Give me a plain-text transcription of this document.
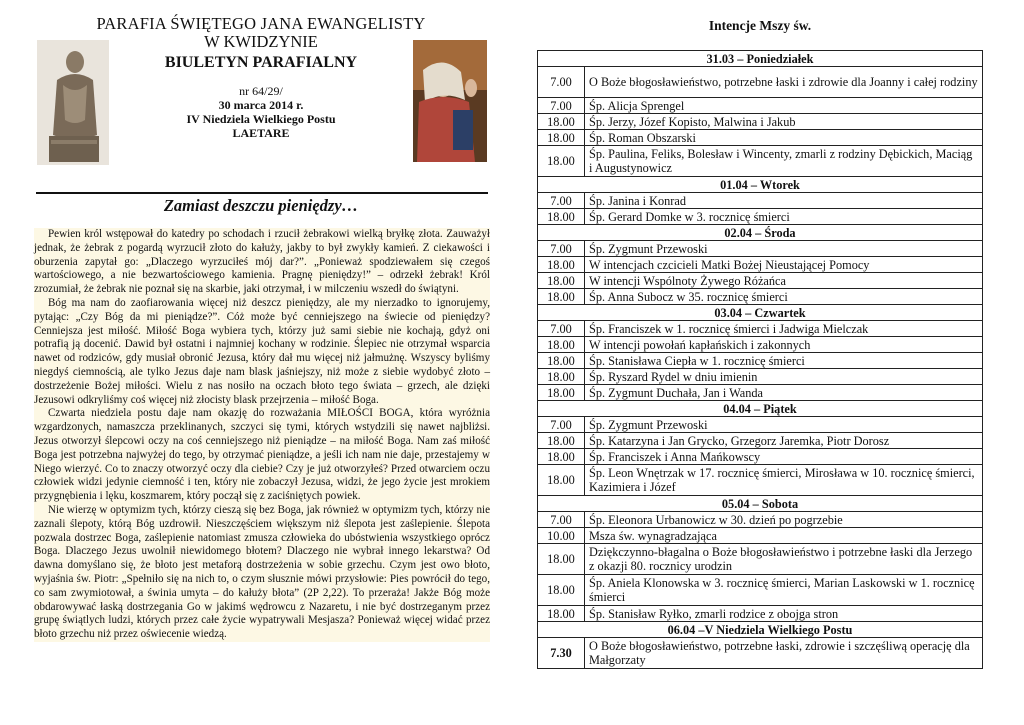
PARAFIA ŚWIĘTEGO JANA EWANGELISTY
W KWIDZYNIE
BIULETYN PARAFIALNY
nr 64/29/
30 marca 2014 r.
IV Niedziela Wielkiego Postu
LAETARE
Zamiast deszczu pieniędzy…

Pewien król wstępował do katedry po schodach i rzucił żebrakowi wielką bryłkę złota. Zauważył jednak, że żebrak z pogardą wyrzucił złoto do kałuży, jakby to był zwykły kamień. Z ciekawości i oburzenia zapytał go: „Dlaczego wyrzuciłeś mój dar?”. „Ponieważ spodziewałem się czegoś wartościowego, a nie bezwartościowego kamienia. Pragnę pieniędzy!” – odrzekł żebrak! Król zrozumiał, że żebrak nie poznał się na skarbie, jaki otrzymał, i w milczeniu wszedł do świątyni.

Bóg ma nam do zaofiarowania więcej niż deszcz pieniędzy, ale my nierzadko to ignorujemy, pytając: „Czy Bóg da mi pieniądze?”. Cóż może być cenniejszego na świecie od pieniędzy? Cenniejsza jest miłość. Miłość Boga wybiera tych, którzy już sami siebie nie kochają, gdyż oni potrafią ją docenić. Dawid był ostatni i najmniej kochany w rodzinie. Ślepiec nie otrzymał wsparcia nawet od rodziców, gdy musiał obronić Jezusa, który dał mu więcej niż jałmużnę. Wszyscy byliśmy niegdyś ciemnością, ale tylko Jezus daje nam blask jaśniejszy, niż może z siebie wydobyć złoto – dostrzeżenie Bożej miłości. Wielu z nas nosiło na oczach błoto tego świata – grzech, ale dzięki Jezusowi odkryliśmy coś więcej niż złocisty blask przejrzenia – miłość Boga.

Czwarta niedziela postu daje nam okazję do rozważania MIŁOŚCI BOGA, która wyróżnia wzgardzonych, namaszcza przeklinanych, szczyci się tymi, których wstydzili się nawet najbliżsi. Jezus otworzył ślepcowi oczy na coś cenniejszego niż pieniądze – na miłość Boga. Nam zaś miłość Boga jest potrzebna najwyżej do tego, by otrzymać pieniądze, a jeśli ich nam nie daje, przestajemy w Niego wierzyć. Co to znaczy otworzyć oczy dla ciebie? Czy je już otworzyłeś? Przed otwarciem oczu człowiek widzi jedynie ciemność i ten, który nie zobaczył Jezusa, widzi, że jego życie jest mrokiem przygnębienia i lęku, koszmarem, który począł się z zaciśniętych powiek.

Nie wierzę w optymizm tych, którzy cieszą się bez Boga, jak również w optymizm tych, którzy nie zaznali ślepoty, którą Bóg uzdrowił. Nieszczęściem większym niż ślepota jest zaślepienie. Ślepota pozwala dostrzec Boga, zaślepienie natomiast zmusza człowieka do ubóstwienia wszystkiego oprócz Boga. Dlaczego Jezus uwolnił niewidomego błotem? Dlaczego nie wybrał innego lekarstwa? Od dawna domyślano się, że błoto jest metaforą dostrzeżenia w sobie grzechu. Czym jest owo błoto, wyjaśnia św. Piotr: „Spełniło się na nich to, o czym słusznie mówi przysłowie: Pies powrócił do tego, co sam zwymiotował, a świnia umyta – do kałuży błota” (2P 2,22). To przeraża! Jakże Bóg może obdarowywać łaską dostrzegania Go w jakimś wędrowcu z Nazaretu, i nie być dostrzeganym przez grupę świątlych ludzi, których przez całe życie wypatrywali Mesjasza? Ponieważ więcej widać przez błoto grzechu niż przez oświecenie wiedzą.

Intencje Mszy św.
31.03 – Poniedziałek	
7.00	O Boże błogosławieństwo, potrzebne łaski i zdrowie dla Joanny i całej rodziny
7.00	Śp. Alicja Sprengel
18.00	Śp. Jerzy, Józef Kopisto, Malwina i Jakub
18.00	Śp. Roman Obszarski
18.00	Śp. Paulina, Feliks, Bolesław i Wincenty, zmarli z rodziny Dębickich, Maciąg i Augustynowicz
01.04 – Wtorek	
7.00	Śp. Janina i Konrad
18.00	Śp. Gerard Domke w 3. rocznicę śmierci
02.04 – Środa	
7.00	Śp. Zygmunt Przewoski
18.00	W intencjach czcicieli Matki Bożej Nieustającej Pomocy
18.00	W intencji Wspólnoty Żywego Różańca
18.00	Śp. Anna Subocz w 35. rocznicę śmierci
03.04 – Czwartek	
7.00	Śp. Franciszek w 1. rocznicę śmierci i Jadwiga Mielczak
18.00	W intencji powołań kapłańskich i zakonnych
18.00	Śp. Stanisława Ciepła w 1. rocznicę śmierci
18.00	Śp. Ryszard Rydel w dniu imienin
18.00	Śp. Zygmunt Duchała, Jan i Wanda
04.04 – Piątek	
7.00	Śp. Zygmunt Przewoski
18.00	Śp. Katarzyna i Jan Grycko, Grzegorz Jaremka, Piotr Dorosz
18.00	Śp. Franciszek i Anna Mańkowscy
18.00	Śp. Leon Wnętrzak w 17. rocznicę śmierci, Mirosława w 10. rocznicę śmierci, Kazimiera i Józef
05.04 – Sobota	
7.00	Śp. Eleonora Urbanowicz w 30. dzień po pogrzebie
10.00	Msza św. wynagradzająca
18.00	Dziękczynno-błagalna o Boże błogosławieństwo i potrzebne łaski dla Jerzego z okazji 80. rocznicy urodzin
18.00	Śp. Aniela Klonowska w 3. rocznicę śmierci, Marian Laskowski w 1. rocznicę śmierci
18.00	Śp. Stanisław Ryłko, zmarli rodzice z obojga stron
06.04 –V Niedziela Wielkiego Postu	
7.30	O Boże błogosławieństwo, potrzebne łaski, zdrowie i szczęśliwą operację dla Małgorzaty
